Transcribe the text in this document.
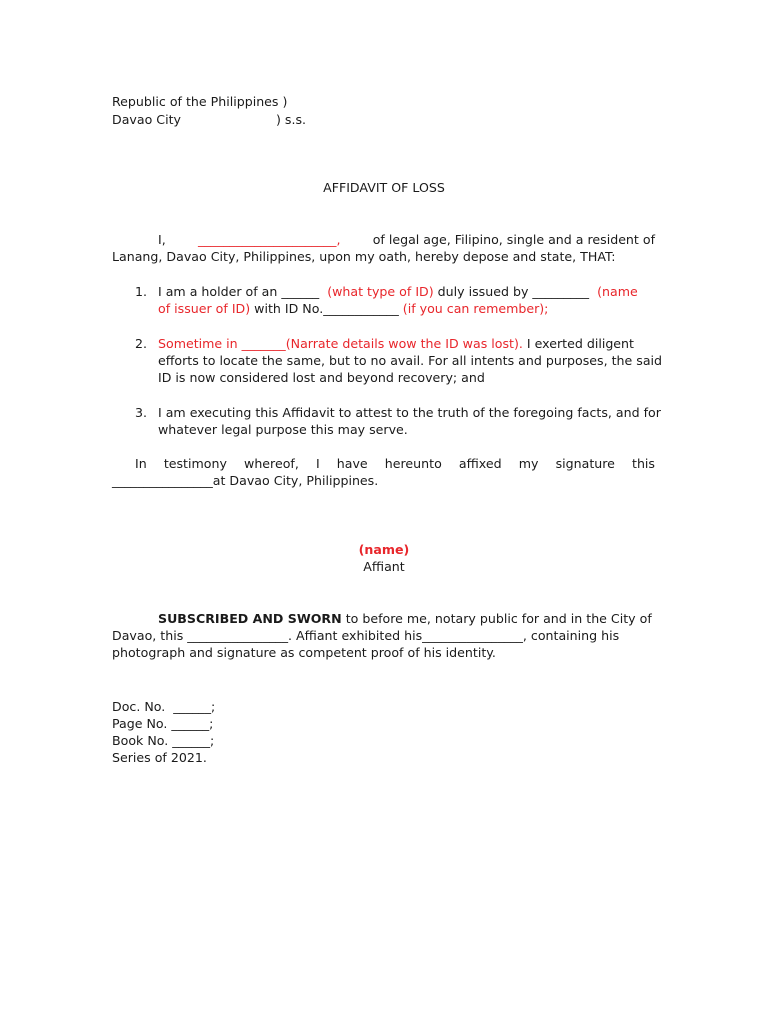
Republic of the Philippines )
Davao City	) s.s.
AFFIDAVIT OF LOSS
I,	______________________,	of legal age, Filipino, single and a resident of
Lanang, Davao City, Philippines, upon my oath, hereby depose and state, THAT:
1. I am a holder of an ______ (what type of ID) duly issued by _________ (name
of issuer of ID) with ID No.____________ (if you can remember);
2. Sometime in _______(Narrate details wow the ID was lost). I exerted diligent
efforts to locate the same, but to no avail. For all intents and purposes, the said
ID is now considered lost and beyond recovery; and
3. I am executing this Affidavit to attest to the truth of the foregoing facts, and for
whatever legal purpose this may serve.
In testimony whereof, I have hereunto affixed my signature this
________________at Davao City, Philippines.
(name)
Affiant
SUBSCRIBED AND SWORN to before me, notary public for and in the City of
Davao, this ________________. Affiant exhibited his________________, containing his
photograph and signature as competent proof of his identity.
Doc. No.  ______;
Page No. ______;
Book No. ______;
Series of 2021.
